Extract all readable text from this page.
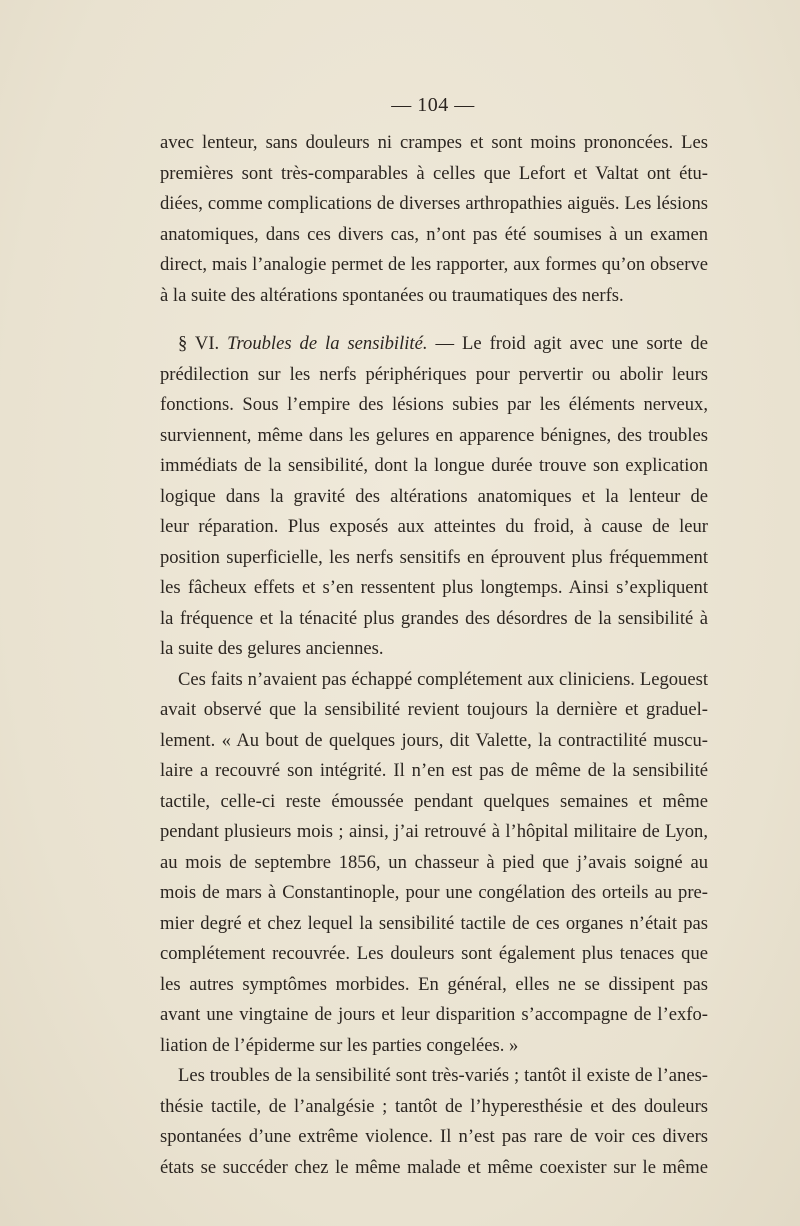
— 104 —

avec lenteur, sans douleurs ni crampes et sont moins prononcées. Les

premières sont très-comparables à celles que Lefort et Valtat ont étu-

diées, comme complications de diverses arthropathies aiguës. Les lésions

anatomiques, dans ces divers cas, n’ont pas été soumises à un examen

direct, mais l’analogie permet de les rapporter, aux formes qu’on observe

à la suite des altérations spontanées ou traumatiques des nerfs.

§ VI. Troubles de la sensibilité. — Le froid agit avec une sorte de

prédilection sur les nerfs périphériques pour pervertir ou abolir leurs

fonctions. Sous l’empire des lésions subies par les éléments nerveux,

surviennent, même dans les gelures en apparence bénignes, des troubles

immédiats de la sensibilité, dont la longue durée trouve son explication

logique dans la gravité des altérations anatomiques et la lenteur de

leur réparation. Plus exposés aux atteintes du froid, à cause de leur

position superficielle, les nerfs sensitifs en éprouvent plus fréquemment

les fâcheux effets et s’en ressentent plus longtemps. Ainsi s’expliquent

la fréquence et la ténacité plus grandes des désordres de la sensibilité à

la suite des gelures anciennes.

Ces faits n’avaient pas échappé complétement aux cliniciens. Legouest

avait observé que la sensibilité revient toujours la dernière et graduel-

lement. « Au bout de quelques jours, dit Valette, la contractilité muscu-

laire a recouvré son intégrité. Il n’en est pas de même de la sensibilité

tactile, celle-ci reste émoussée pendant quelques semaines et même

pendant plusieurs mois ; ainsi, j’ai retrouvé à l’hôpital militaire de Lyon,

au mois de septembre 1856, un chasseur à pied que j’avais soigné au

mois de mars à Constantinople, pour une congélation des orteils au pre-

mier degré et chez lequel la sensibilité tactile de ces organes n’était pas

complétement recouvrée. Les douleurs sont également plus tenaces que

les autres symptômes morbides. En général, elles ne se dissipent pas

avant une vingtaine de jours et leur disparition s’accompagne de l’exfo-

liation de l’épiderme sur les parties congelées. »

Les troubles de la sensibilité sont très-variés ; tantôt il existe de l’anes-

thésie tactile, de l’analgésie ; tantôt de l’hyperesthésie et des douleurs

spontanées d’une extrême violence. Il n’est pas rare de voir ces divers

états se succéder chez le même malade et même coexister sur le même
